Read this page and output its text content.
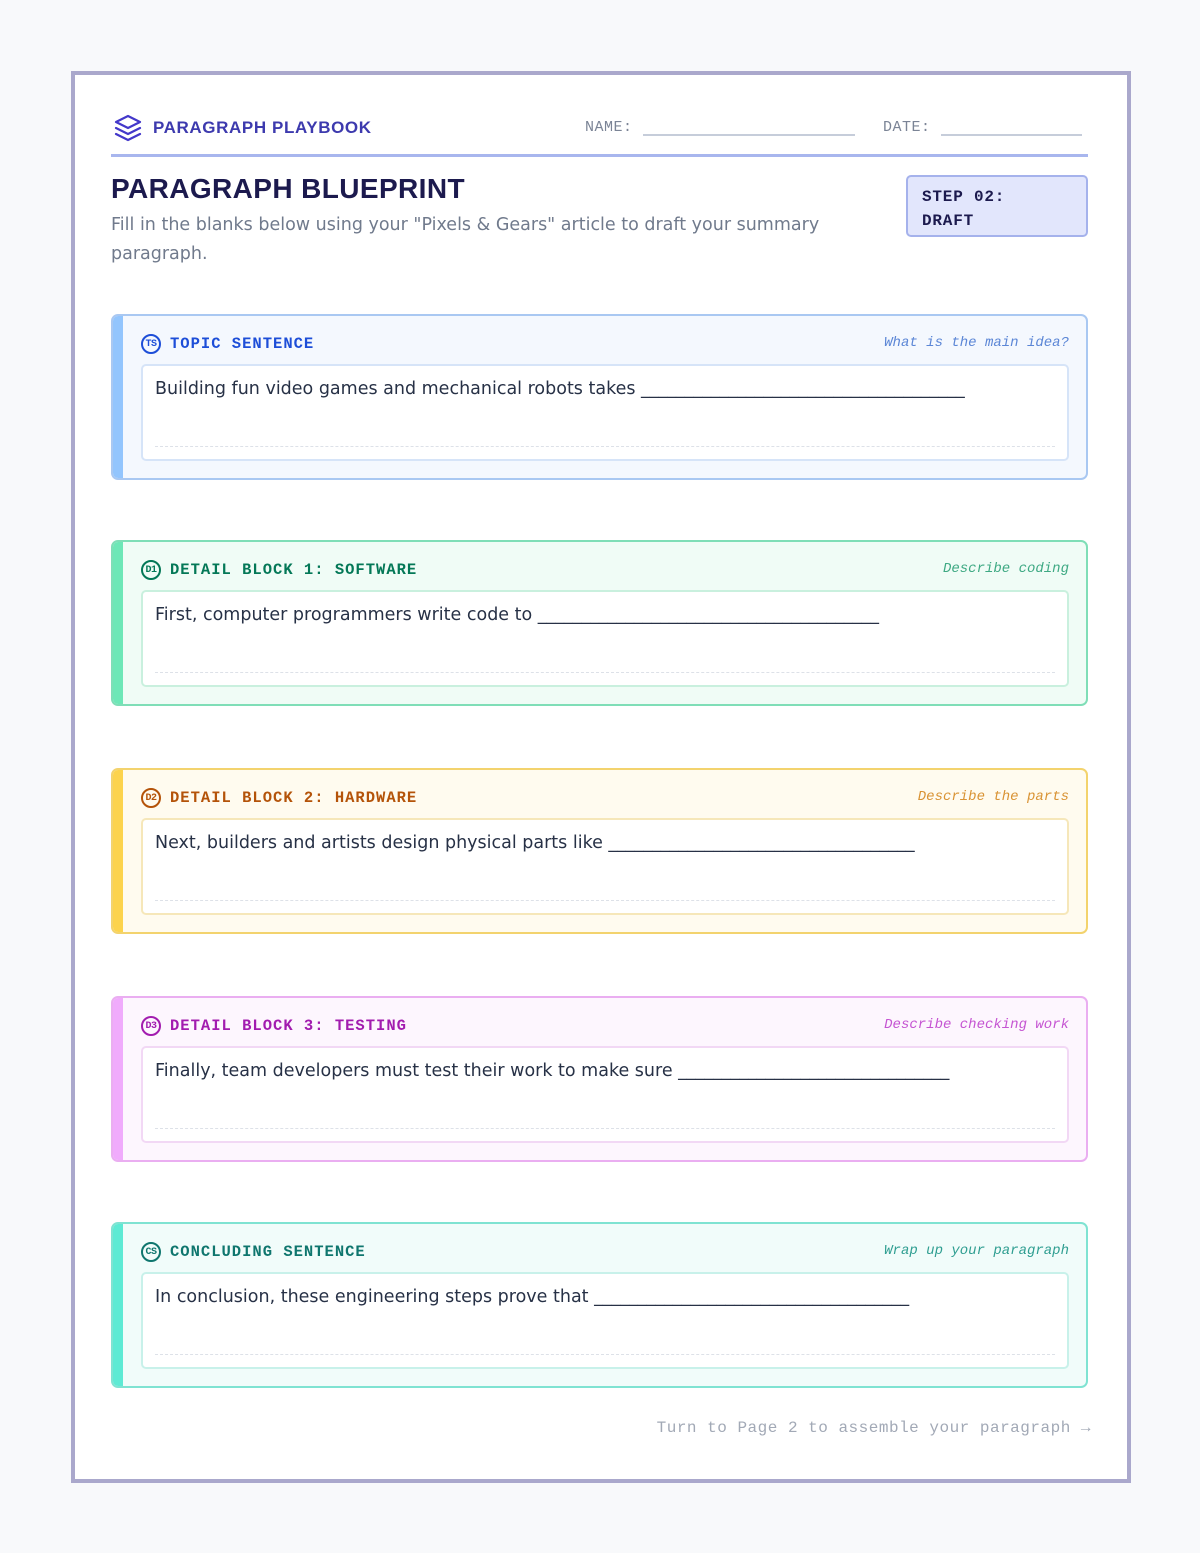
PARAGRAPH PLAYBOOK	NAME:	DATE:
PARAGRAPH BLUEPRINT

Fill in the blanks below using your "Pixels & Gears" article to draft your summary paragraph.

STEP 02:
DRAFT
TS TOPIC SENTENCE	What is the main idea?
Building fun video games and mechanical robots takes _____________________________________
D1 DETAIL BLOCK 1: SOFTWARE	Describe coding
First, computer programmers write code to _______________________________________
D2 DETAIL BLOCK 2: HARDWARE	Describe the parts
Next, builders and artists design physical parts like ___________________________________
D3 DETAIL BLOCK 3: TESTING	Describe checking work
Finally, team developers must test their work to make sure _______________________________
CS CONCLUDING SENTENCE	Wrap up your paragraph
In conclusion, these engineering steps prove that ____________________________________
Turn to Page 2 to assemble your paragraph →
